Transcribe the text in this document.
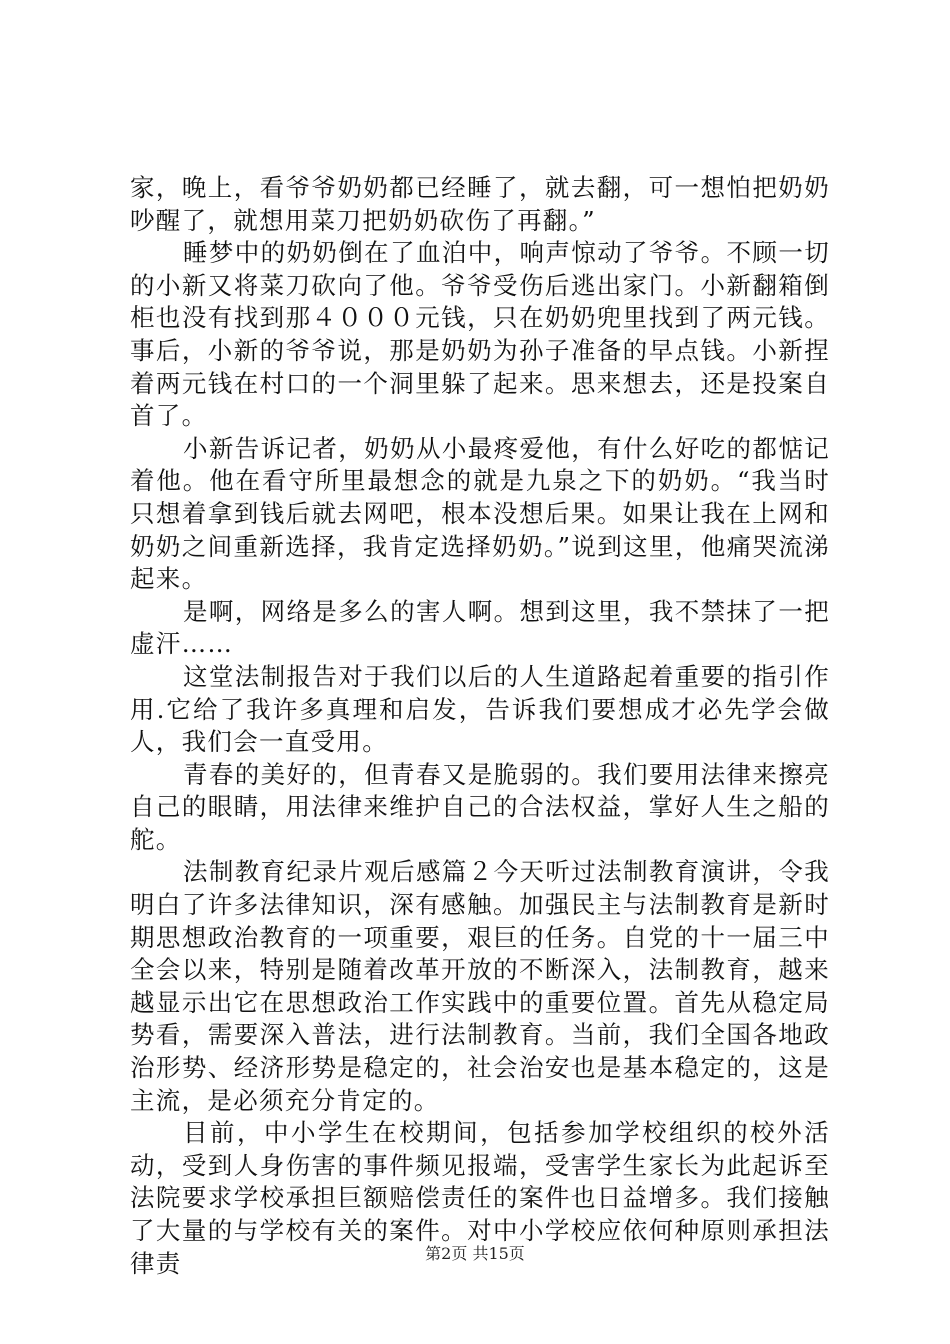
家，晚上，看爷爷奶奶都已经睡了，就去翻，可一想怕把奶奶吵醒了，就想用菜刀把奶奶砍伤了再翻。”

睡梦中的奶奶倒在了血泊中，响声惊动了爷爷。不顾一切的小新又将菜刀砍向了他。爷爷受伤后逃出家门。小新翻箱倒柜也没有找到那４０００元钱，只在奶奶兜里找到了两元钱。事后，小新的爷爷说，那是奶奶为孙子准备的早点钱。小新捏着两元钱在村口的一个洞里躲了起来。思来想去，还是投案自首了。

小新告诉记者，奶奶从小最疼爱他，有什么好吃的都惦记着他。他在看守所里最想念的就是九泉之下的奶奶。“我当时只想着拿到钱后就去网吧，根本没想后果。如果让我在上网和奶奶之间重新选择，我肯定选择奶奶。”说到这里，他痛哭流涕起来。

是啊，网络是多么的害人啊。想到这里，我不禁抹了一把虚汗……

这堂法制报告对于我们以后的人生道路起着重要的指引作用.它给了我许多真理和启发，告诉我们要想成才必先学会做人，我们会一直受用。

青春的美好的，但青春又是脆弱的。我们要用法律来擦亮自己的眼睛，用法律来维护自己的合法权益，掌好人生之船的舵。

法制教育纪录片观后感篇２今天听过法制教育演讲，令我明白了许多法律知识，深有感触。加强民主与法制教育是新时期思想政治教育的一项重要，艰巨的任务。自党的十一届三中全会以来，特别是随着改革开放的不断深入，法制教育，越来越显示出它在思想政治工作实践中的重要位置。首先从稳定局势看，需要深入普法，进行法制教育。当前，我们全国各地政治形势、经济形势是稳定的，社会治安也是基本稳定的，这是主流，是必须充分肯定的。

目前，中小学生在校期间，包括参加学校组织的校外活动，受到人身伤害的事件频见报端，受害学生家长为此起诉至法院要求学校承担巨额赔偿责任的案件也日益增多。我们接触了大量的与学校有关的案件。对中小学校应依何种原则承担法律责	第2页 共15页
